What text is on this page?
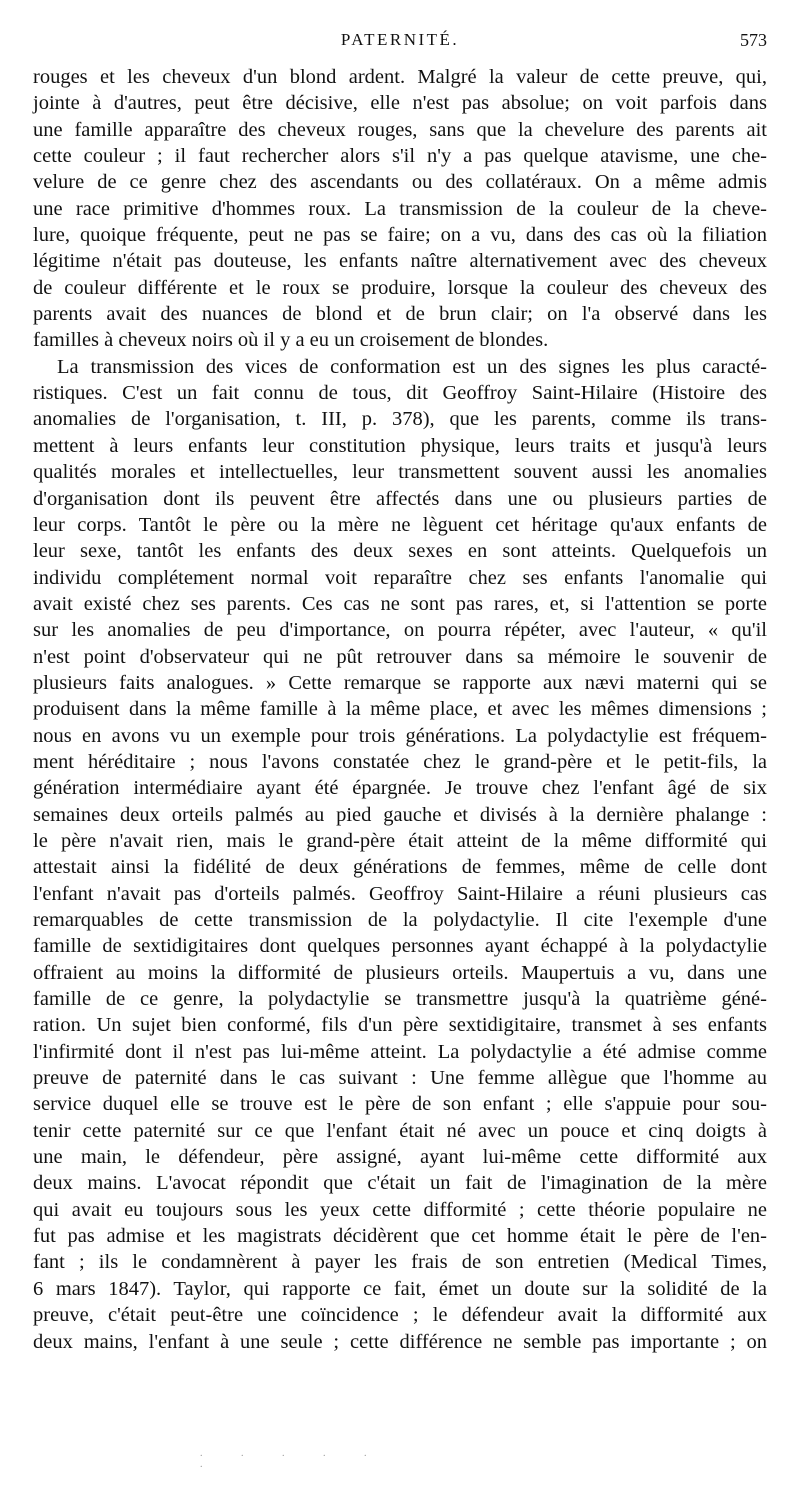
PATERNITÉ.	573
rouges et les cheveux d'un blond ardent. Malgré la valeur de cette preuve, qui,
jointe à d'autres, peut être décisive, elle n'est pas absolue; on voit parfois dans
une famille apparaître des cheveux rouges, sans que la chevelure des parents ait
cette couleur ; il faut rechercher alors s'il n'y a pas quelque atavisme, une che-
velure de ce genre chez des ascendants ou des collatéraux. On a même admis
une race primitive d'hommes roux. La transmission de la couleur de la cheve-
lure, quoique fréquente, peut ne pas se faire; on a vu, dans des cas où la filiation
légitime n'était pas douteuse, les enfants naître alternativement avec des cheveux
de couleur différente et le roux se produire, lorsque la couleur des cheveux des
parents avait des nuances de blond et de brun clair; on l'a observé dans les
familles à cheveux noirs où il y a eu un croisement de blondes.
La transmission des vices de conformation est un des signes les plus caracté-
ristiques. C'est un fait connu de tous, dit Geoffroy Saint-Hilaire (Histoire des
anomalies de l'organisation, t. III, p. 378), que les parents, comme ils trans-
mettent à leurs enfants leur constitution physique, leurs traits et jusqu'à leurs
qualités morales et intellectuelles, leur transmettent souvent aussi les anomalies
d'organisation dont ils peuvent être affectés dans une ou plusieurs parties de
leur corps. Tantôt le père ou la mère ne lèguent cet héritage qu'aux enfants de
leur sexe, tantôt les enfants des deux sexes en sont atteints. Quelquefois un
individu complétement normal voit reparaître chez ses enfants l'anomalie qui
avait existé chez ses parents. Ces cas ne sont pas rares, et, si l'attention se porte
sur les anomalies de peu d'importance, on pourra répéter, avec l'auteur, « qu'il
n'est point d'observateur qui ne pût retrouver dans sa mémoire le souvenir de
plusieurs faits analogues. » Cette remarque se rapporte aux nævi materni qui se
produisent dans la même famille à la même place, et avec les mêmes dimensions ;
nous en avons vu un exemple pour trois générations. La polydactylie est fréquem-
ment héréditaire ; nous l'avons constatée chez le grand-père et le petit-fils, la
génération intermédiaire ayant été épargnée. Je trouve chez l'enfant âgé de six
semaines deux orteils palmés au pied gauche et divisés à la dernière phalange :
le père n'avait rien, mais le grand-père était atteint de la même difformité qui
attestait ainsi la fidélité de deux générations de femmes, même de celle dont
l'enfant n'avait pas d'orteils palmés. Geoffroy Saint-Hilaire a réuni plusieurs cas
remarquables de cette transmission de la polydactylie. Il cite l'exemple d'une
famille de sextidigitaires dont quelques personnes ayant échappé à la polydactylie
offraient au moins la difformité de plusieurs orteils. Maupertuis a vu, dans une
famille de ce genre, la polydactylie se transmettre jusqu'à la quatrième géné-
ration. Un sujet bien conformé, fils d'un père sextidigitaire, transmet à ses enfants
l'infirmité dont il n'est pas lui-même atteint. La polydactylie a été admise comme
preuve de paternité dans le cas suivant : Une femme allègue que l'homme au
service duquel elle se trouve est le père de son enfant ; elle s'appuie pour sou-
tenir cette paternité sur ce que l'enfant était né avec un pouce et cinq doigts à
une main, le défendeur, père assigné, ayant lui-même cette difformité aux
deux mains. L'avocat répondit que c'était un fait de l'imagination de la mère
qui avait eu toujours sous les yeux cette difformité ; cette théorie populaire ne
fut pas admise et les magistrats décidèrent que cet homme était le père de l'en-
fant ; ils le condamnèrent à payer les frais de son entretien (Medical Times,
6 mars 1847). Taylor, qui rapporte ce fait, émet un doute sur la solidité de la
preuve, c'était peut-être une coïncidence ; le défendeur avait la difformité aux
deux mains, l'enfant à une seule ; cette différence ne semble pas importante ; on
. . . . . .
